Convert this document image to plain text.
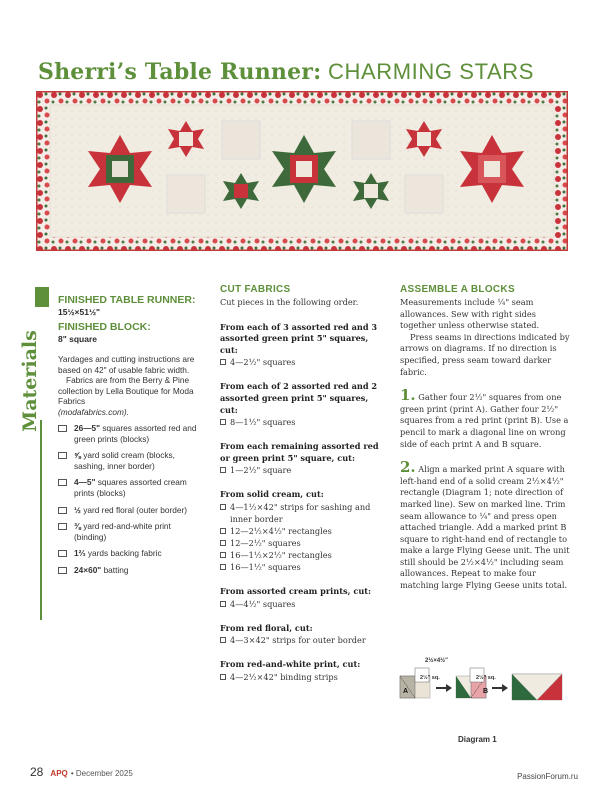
Sherri’s Table Runner: CHARMING STARS
Materials
FINISHED TABLE RUNNER:
15½×51½"
FINISHED BLOCK:
8" square
Yardages and cutting instructions are based on 42" of usable fabric width.
Fabrics are from the Berry & Pine collection by Lella Boutique for Moda Fabrics
(modafabrics.com).
26—5" squares assorted red and green prints (blocks)
⅝ yard solid cream (blocks, sashing, inner border)
4—5" squares assorted cream prints (blocks)
½ yard red floral (outer border)
⅜ yard red-and-white print (binding)
1⅔ yards backing fabric
24×60" batting
CUT FABRICS
Cut pieces in the following order.
From each of 3 assorted red and 3 assorted green print 5" squares, cut:
4—2½" squares
From each of 2 assorted red and 2 assorted green print 5" squares, cut:
8—1½" squares
From each remaining assorted red or green print 5" square, cut:
1—2½" square
From solid cream, cut:
4—1½×42" strips for sashing and inner border
12—2½×4½" rectangles
12—2½" squares
16—1½×2½" rectangles
16—1½" squares
From assorted cream prints, cut:
4—4½" squares
From red floral, cut:
4—3×42" strips for outer border
From red-and-white print, cut:
4—2½×42" binding strips
ASSEMBLE A BLOCKS
Measurements include ¼" seam allowances. Sew with right sides together unless otherwise stated.
Press seams in directions indicated by arrows on diagrams. If no direction is specified, press seam toward darker fabric.
1. Gather four 2½" squares from one green print (print A). Gather four 2½" squares from a red print (print B). Use a pencil to mark a diagonal line on wrong side of each print A and B square.
2. Align a marked print A square with left-hand end of a solid cream 2½×4½" rectangle (Diagram 1; note direction of marked line). Sew on marked line. Trim seam allowance to ¼" and press open attached triangle. Add a marked print B square to right-hand end of rectangle to make a large Flying Geese unit. The unit still should be 2½×4½" including seam allowances. Repeat to make four matching large Flying Geese units total.
2½×4½"
2½" sq.	2½" sq.
A	B
Diagram 1
28 APQ • December 2025	PassionForum.ru
